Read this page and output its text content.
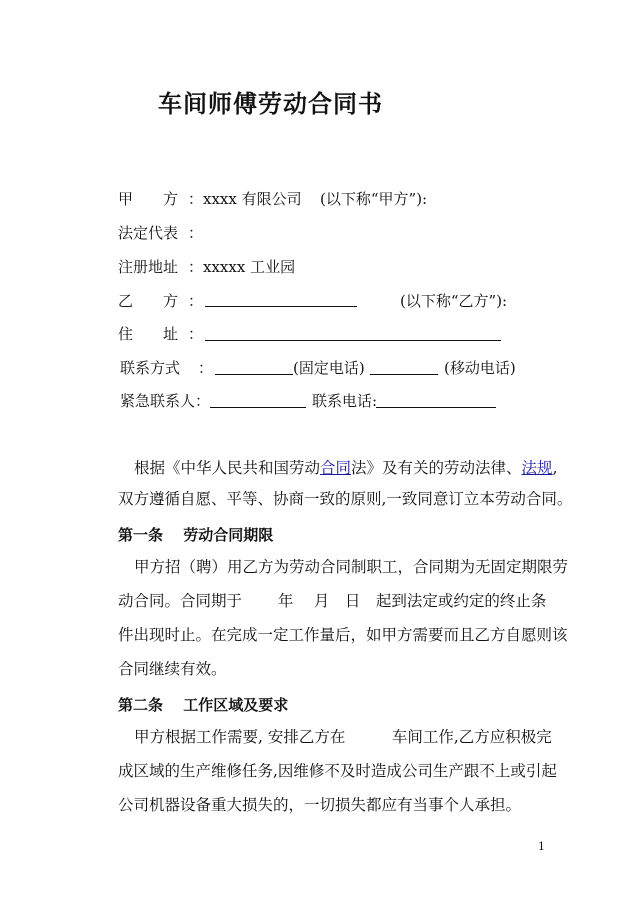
车间师傅劳动合同书
甲　　方 ：xxxx 有限公司 (以下称“甲方”):
法定代表 ：
注册地址 ：xxxxx 工业园
乙　　方 ：	(以下称“乙方”):
住　　址 ：
联系方式 ：	(固定电话)	(移动电话)
紧急联系人：	联系电话:
根据《中华人民共和国劳动合同法》及有关的劳动法律、法规,
双方遵循自愿、平等、协商一致的原则,一致同意订立本劳动合同。
第一条　 劳动合同期限
甲方招（聘）用乙方为劳动合同制职工，合同期为无固定期限劳
动合同。合同期于　　 年　 月　日　起到法定或约定的终止条
件出现时止。在完成一定工作量后，如甲方需要而且乙方自愿则该
合同继续有效。
第二条　 工作区域及要求
甲方根据工作需要, 安排乙方在　　　车间工作,乙方应积极完
成区域的生产维修任务,因维修不及时造成公司生产跟不上或引起
公司机器设备重大损失的，一切损失都应有当事个人承担。
1
